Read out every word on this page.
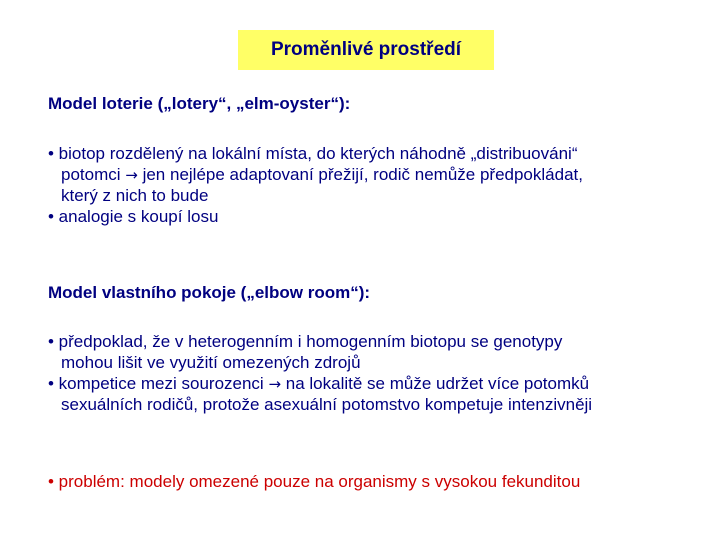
Proměnlivé prostředí
Model loterie („lotery“, „elm-oyster“):
• biotop rozdělený na lokální místa, do kterých náhodně „distribuováni“
potomci → jen nejlépe adaptovaní přežijí, rodič nemůže předpokládat,
který z nich to bude
• analogie s koupí losu
Model vlastního pokoje („elbow room“):
• předpoklad, že v heterogenním i homogenním biotopu se genotypy
mohou lišit ve využití omezených zdrojů
• kompetice mezi sourozenci → na lokalitě se může udržet více potomků
sexuálních rodičů, protože asexuální potomstvo kompetuje intenzivněji
• problém: modely omezené pouze na organismy s vysokou fekunditou
